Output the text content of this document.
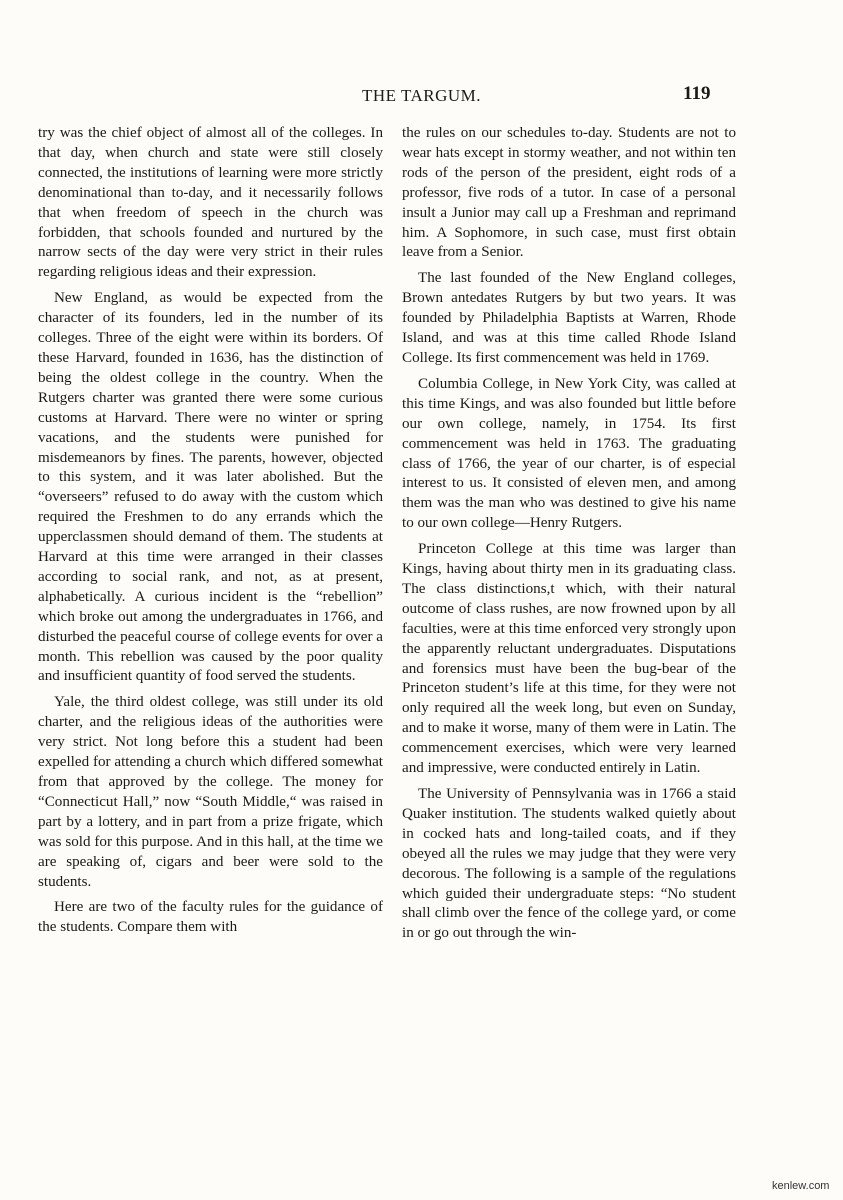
THE TARGUM.	119

try was the chief object of almost all of the colleges. In that day, when church and state were still closely connected, the institutions of learning were more strictly denominational than to-day, and it necessarily follows that when freedom of speech in the church was forbidden, that schools founded and nurtured by the narrow sects of the day were very strict in their rules regarding religious ideas and their expression.

New England, as would be expected from the character of its founders, led in the number of its colleges. Three of the eight were within its borders. Of these Harvard, founded in 1636, has the distinction of being the oldest college in the country. When the Rutgers charter was granted there were some curious customs at Harvard. There were no winter or spring vacations, and the students were punished for misdemeanors by fines. The parents, however, objected to this system, and it was later abolished. But the “overseers” refused to do away with the custom which required the Freshmen to do any errands which the upperclassmen should demand of them. The students at Harvard at this time were arranged in their classes according to social rank, and not, as at present, alphabetically. A curious incident is the “rebellion” which broke out among the undergraduates in 1766, and disturbed the peaceful course of college events for over a month. This rebellion was caused by the poor quality and insufficient quantity of food served the students.

Yale, the third oldest college, was still under its old charter, and the religious ideas of the authorities were very strict. Not long before this a student had been expelled for attending a church which differed somewhat from that approved by the college. The money for “Connecticut Hall,” now “South Middle,“ was raised in part by a lottery, and in part from a prize frigate, which was sold for this purpose. And in this hall, at the time we are speaking of, cigars and beer were sold to the students.

Here are two of the faculty rules for the guidance of the students. Compare them with

the rules on our schedules to-day. Students are not to wear hats except in stormy weather, and not within ten rods of the person of the president, eight rods of a professor, five rods of a tutor. In case of a personal insult a Junior may call up a Freshman and reprimand him. A Sophomore, in such case, must first obtain leave from a Senior.

The last founded of the New England colleges, Brown antedates Rutgers by but two years. It was founded by Philadelphia Baptists at Warren, Rhode Island, and was at this time called Rhode Island College. Its first commencement was held in 1769.

Columbia College, in New York City, was called at this time Kings, and was also founded but little before our own college, namely, in 1754. Its first commencement was held in 1763. The graduating class of 1766, the year of our charter, is of especial interest to us. It consisted of eleven men, and among them was the man who was destined to give his name to our own college—Henry Rutgers.

Princeton College at this time was larger than Kings, having about thirty men in its graduating class. The class distinctions,t which, with their natural outcome of class rushes, are now frowned upon by all faculties, were at this time enforced very strongly upon the apparently reluctant undergraduates. Disputations and forensics must have been the bug-bear of the Princeton student’s life at this time, for they were not only required all the week long, but even on Sunday, and to make it worse, many of them were in Latin. The commencement exercises, which were very learned and impressive, were conducted entirely in Latin.

The University of Pennsylvania was in 1766 a staid Quaker institution. The students walked quietly about in cocked hats and long-tailed coats, and if they obeyed all the rules we may judge that they were very decorous. The following is a sample of the regulations which guided their undergraduate steps: “No student shall climb over the fence of the college yard, or come in or go out through the win-

kenlew.com
